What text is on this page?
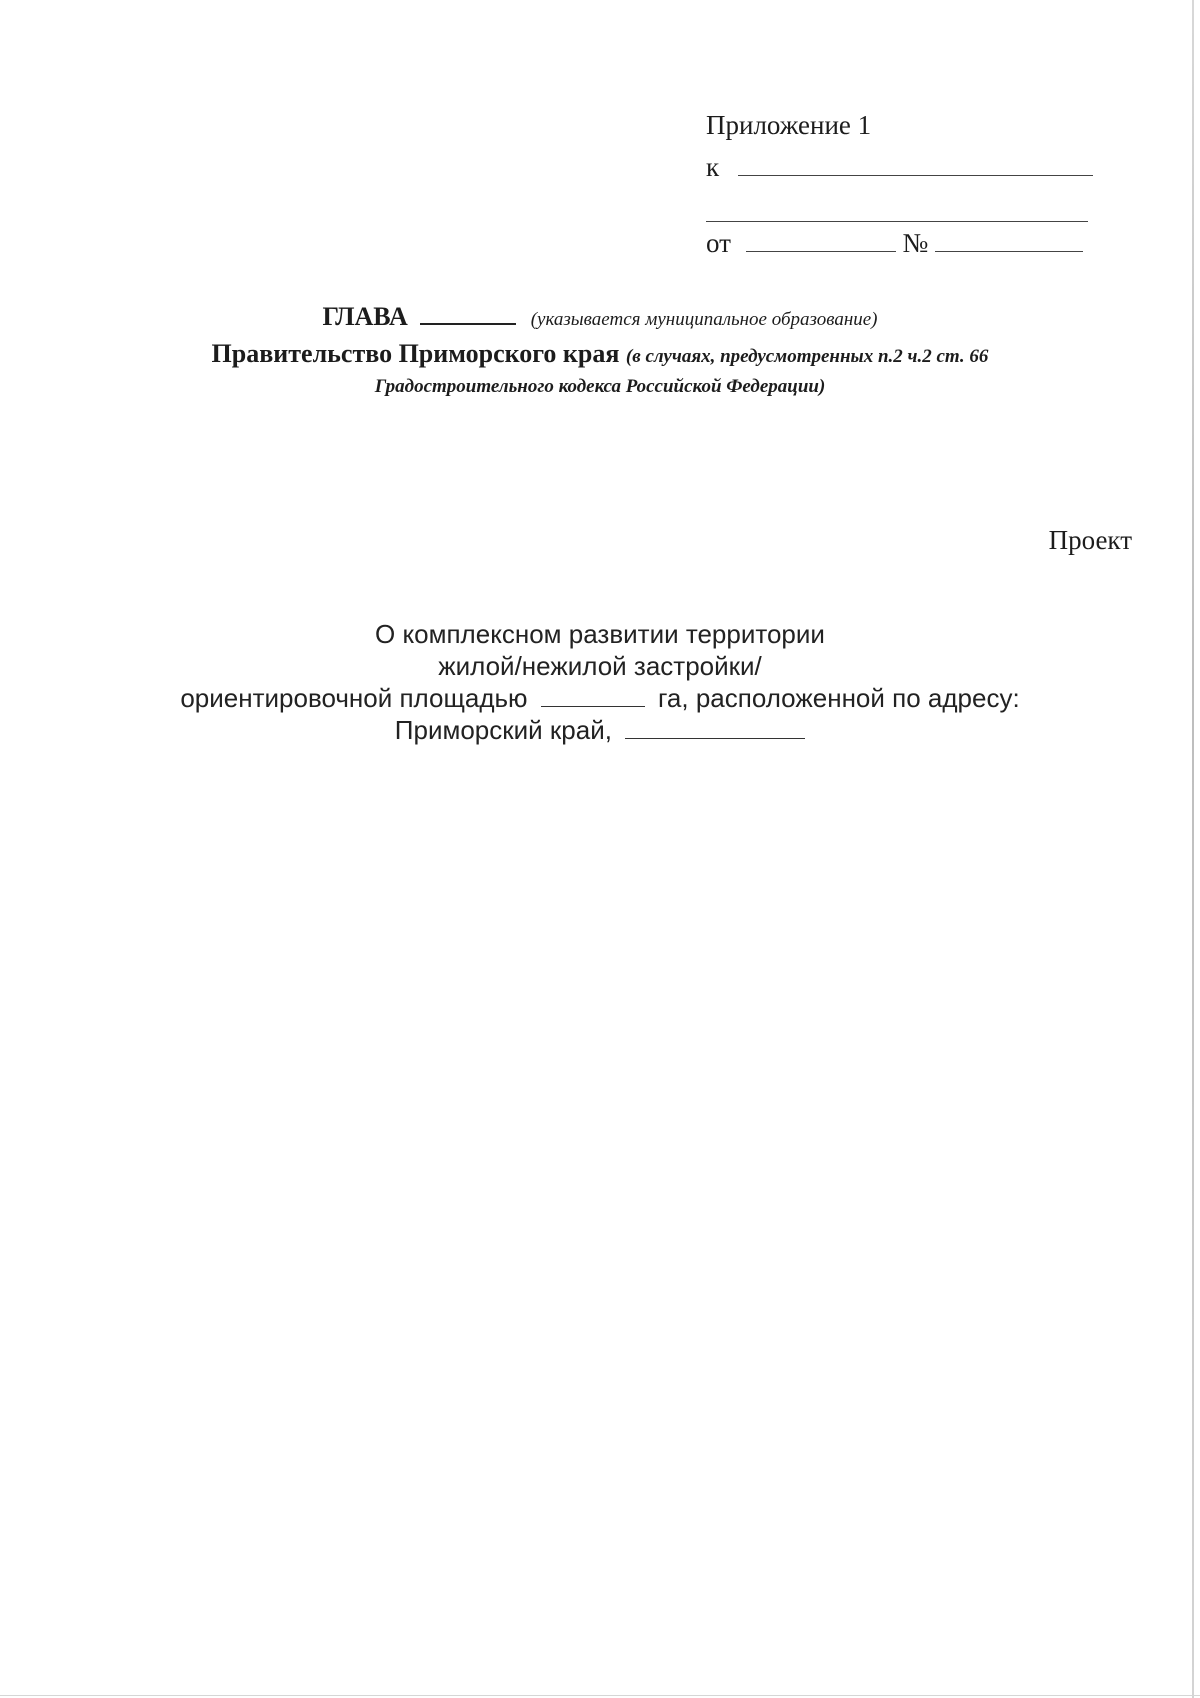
Приложение 1
к
от	№
ГЛАВА	(указывается муниципальное образование)
Правительство Приморского края (в случаях, предусмотренных п.2 ч.2 ст. 66
Градостроительного кодекса Российской Федерации)
Проект
О комплексном развитии территории
жилой/нежилой застройки/
ориентировочной площадью	га, расположенной по адресу:
Приморский край,
